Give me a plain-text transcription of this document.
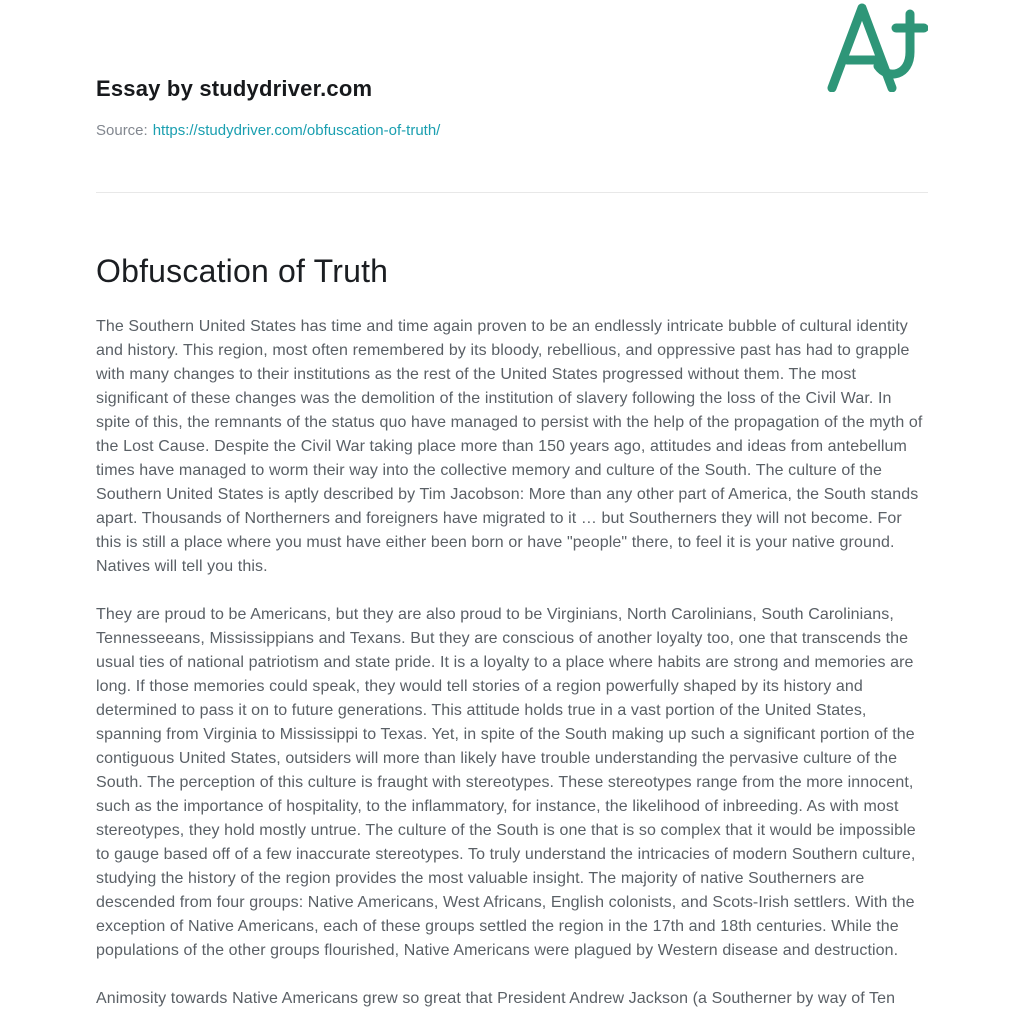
Essay by studydriver.com
Source: https://studydriver.com/obfuscation-of-truth/
Obfuscation of Truth

The Southern United States has time and time again proven to be an endlessly intricate bubble of cultural identity and history. This region, most often remembered by its bloody, rebellious, and oppressive past has had to grapple with many changes to their institutions as the rest of the United States progressed without them. The most significant of these changes was the demolition of the institution of slavery following the loss of the Civil War. In spite of this, the remnants of the status quo have managed to persist with the help of the propagation of the myth of the Lost Cause. Despite the Civil War taking place more than 150 years ago, attitudes and ideas from antebellum times have managed to worm their way into the collective memory and culture of the South. The culture of the Southern United States is aptly described by Tim Jacobson: More than any other part of America, the South stands apart. Thousands of Northerners and foreigners have migrated to it … but Southerners they will not become. For this is still a place where you must have either been born or have "people" there, to feel it is your native ground. Natives will tell you this.

They are proud to be Americans, but they are also proud to be Virginians, North Carolinians, South Carolinians, Tennesseeans, Mississippians and Texans. But they are conscious of another loyalty too, one that transcends the usual ties of national patriotism and state pride. It is a loyalty to a place where habits are strong and memories are long. If those memories could speak, they would tell stories of a region powerfully shaped by its history and determined to pass it on to future generations. This attitude holds true in a vast portion of the United States, spanning from Virginia to Mississippi to Texas. Yet, in spite of the South making up such a significant portion of the contiguous United States, outsiders will more than likely have trouble understanding the pervasive culture of the South. The perception of this culture is fraught with stereotypes. These stereotypes range from the more innocent, such as the importance of hospitality, to the inflammatory, for instance, the likelihood of inbreeding. As with most stereotypes, they hold mostly untrue. The culture of the South is one that is so complex that it would be impossible to gauge based off of a few inaccurate stereotypes. To truly understand the intricacies of modern Southern culture, studying the history of the region provides the most valuable insight. The majority of native Southerners are descended from four groups: Native Americans, West Africans, English colonists, and Scots-Irish settlers. With the exception of Native Americans, each of these groups settled the region in the 17th and 18th centuries. While the populations of the other groups flourished, Native Americans were plagued by Western disease and destruction.

Animosity towards Native Americans grew so great that President Andrew Jackson (a Southerner by way of Ten
